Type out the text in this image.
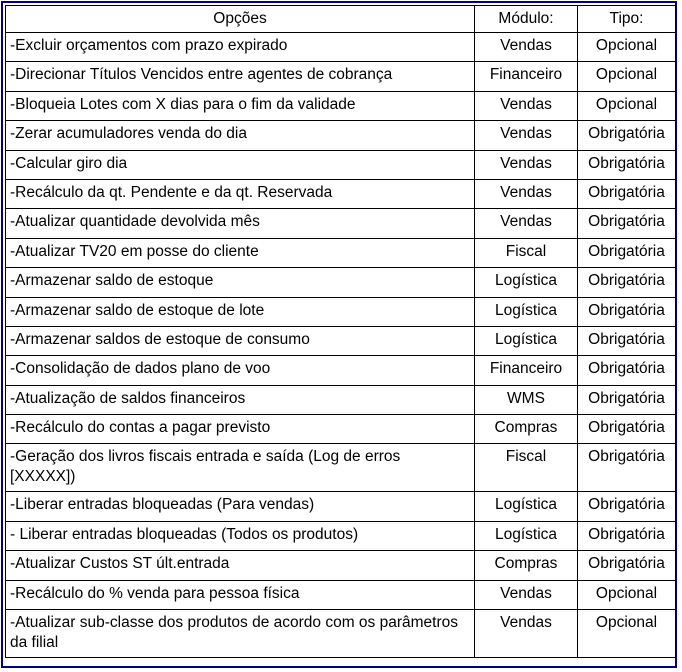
Opções	Módulo:	Tipo:
-Excluir orçamentos com prazo expirado	Vendas	Opcional
-Direcionar Títulos Vencidos entre agentes de cobrança	Financeiro	Opcional
-Bloqueia Lotes com X dias para o fim da validade	Vendas	Opcional
-Zerar acumuladores venda do dia	Vendas	Obrigatória
-Calcular giro dia	Vendas	Obrigatória
-Recálculo da qt. Pendente e da qt. Reservada	Vendas	Obrigatória
-Atualizar quantidade devolvida mês	Vendas	Obrigatória
-Atualizar TV20 em posse do cliente	Fiscal	Obrigatória
-Armazenar saldo de estoque	Logística	Obrigatória
-Armazenar saldo de estoque de lote	Logística	Obrigatória
-Armazenar saldos de estoque de consumo	Logística	Obrigatória
-Consolidação de dados plano de voo	Financeiro	Obrigatória
-Atualização de saldos financeiros	WMS	Obrigatória
-Recálculo do contas a pagar previsto	Compras	Obrigatória
-Geração dos livros fiscais entrada e saída (Log de erros [XXXXX])	Fiscal	Obrigatória
-Liberar entradas bloqueadas (Para vendas)	Logística	Obrigatória
- Liberar entradas bloqueadas (Todos os produtos)	Logística	Obrigatória
-Atualizar Custos ST últ.entrada	Compras	Obrigatória
-Recálculo do % venda para pessoa física	Vendas	Opcional
-Atualizar sub-classe dos produtos de acordo com os parâmetros da filial	Vendas	Opcional
